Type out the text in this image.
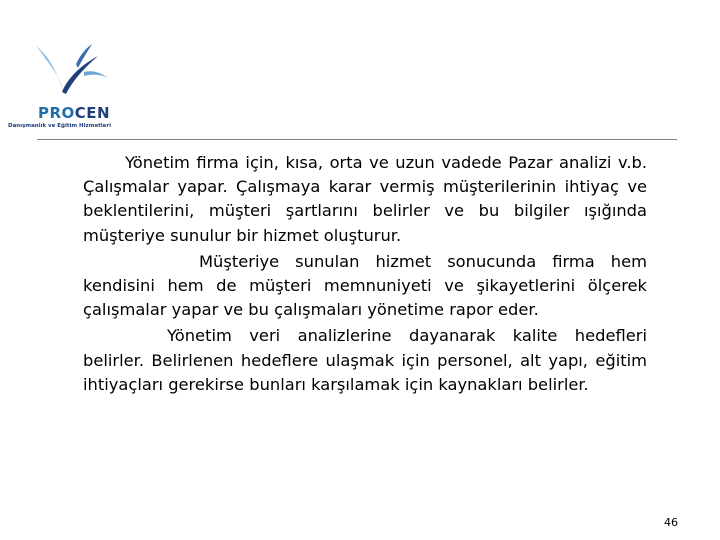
PROCEN
Danışmanlık ve Eğitim Hizmetleri

Yönetim firma için, kısa, orta ve uzun vadede Pazar analizi v.b. Çalışmalar yapar. Çalışmaya karar vermiş müşterilerinin ihtiyaç ve beklentilerini, müşteri şartlarını belirler ve bu bilgiler ışığında müşteriye sunulur bir hizmet oluşturur.

Müşteriye sunulan hizmet sonucunda firma hem kendisini hem de müşteri memnuniyeti ve şikayetlerini ölçerek çalışmalar yapar ve bu çalışmaları yönetime rapor eder.

Yönetim veri analizlerine dayanarak kalite hedefleri belirler. Belirlenen hedeflere ulaşmak için personel, alt yapı, eğitim ihtiyaçları gerekirse bunları karşılamak için kaynakları belirler.

46
